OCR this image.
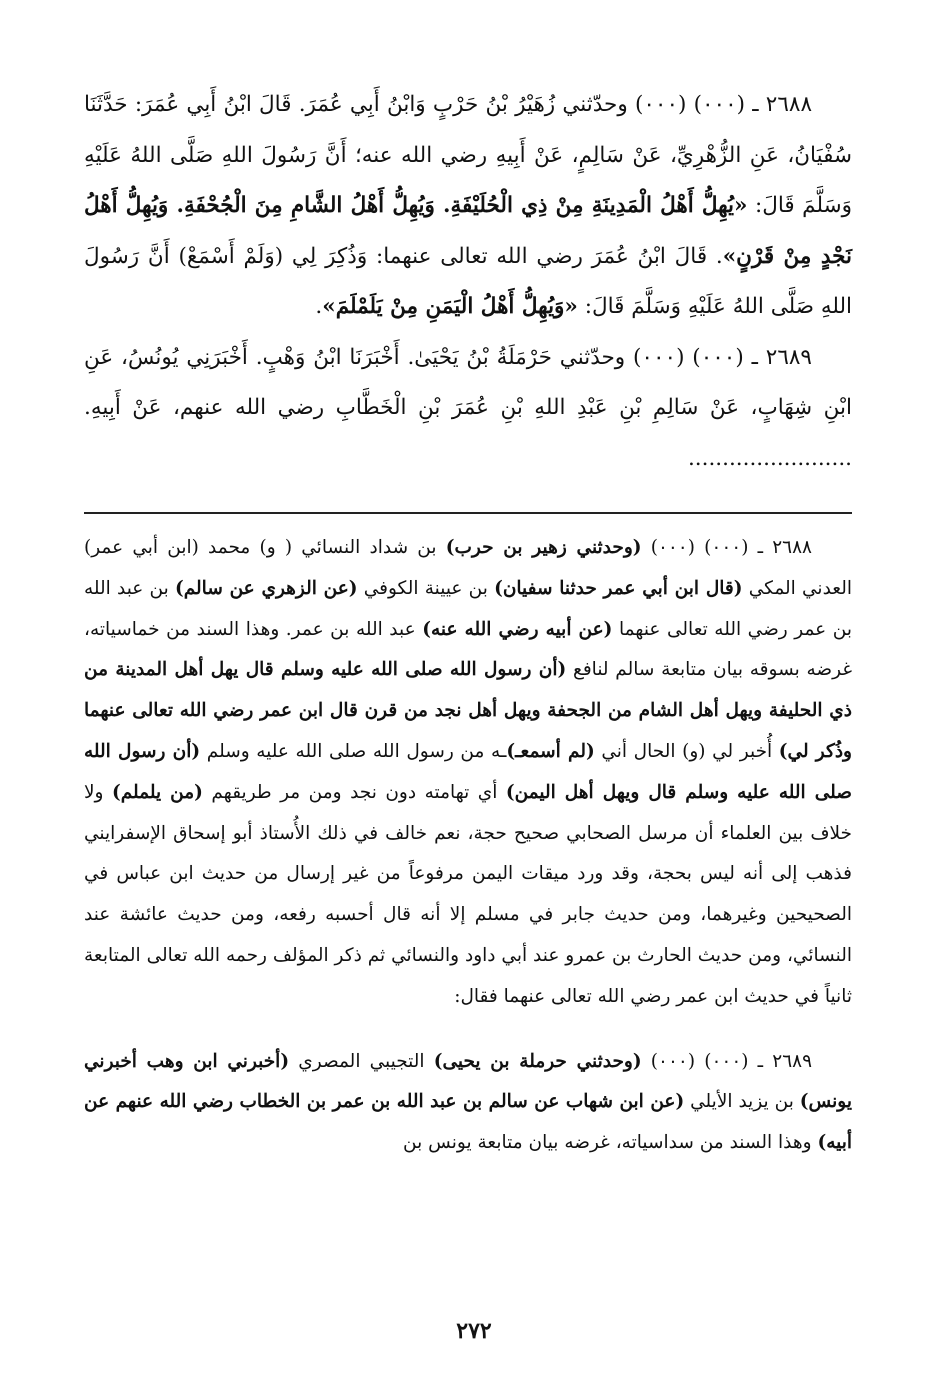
٢٦٨٨ ـ (٠٠٠) (٠٠٠) وحدّثني زُهَيْرُ بْنُ حَرْبٍ وَابْنُ أَبِي عُمَرَ. قَالَ ابْنُ أَبِي عُمَرَ: حَدَّثَنَا سُفْيَانُ، عَنِ الزُّهْرِيِّ، عَنْ سَالِمٍ، عَنْ أَبِيهِ رضي الله عنه؛ أَنَّ رَسُولَ اللهِ صَلَّى اللهُ عَلَيْهِ وَسَلَّمَ قَالَ: «يُهِلُّ أَهْلُ الْمَدِينَةِ مِنْ ذِي الْحُلَيْفَةِ. وَيُهِلُّ أَهْلُ الشَّامِ مِنَ الْجُحْفَةِ. وَيُهِلُّ أَهْلُ نَجْدٍ مِنْ قَرْنٍ». قَالَ ابْنُ عُمَرَ رضي الله تعالى عنهما: وَذُكِرَ لِي (وَلَمْ أَسْمَعْ) أَنَّ رَسُولَ اللهِ صَلَّى اللهُ عَلَيْهِ وَسَلَّمَ قَالَ: «وَيُهِلُّ أَهْلُ الْيَمَنِ مِنْ يَلَمْلَمَ».

٢٦٨٩ ـ (٠٠٠) (٠٠٠) وحدّثني حَرْمَلَةُ بْنُ يَحْيَىٰ. أَخْبَرَنَا ابْنُ وَهْبٍ. أَخْبَرَنِي يُونُسُ، عَنِ ابْنِ شِهَابٍ، عَنْ سَالِمِ بْنِ عَبْدِ اللهِ بْنِ عُمَرَ بْنِ الْخَطَّابِ رضي الله عنهم، عَنْ أَبِيهِ. ........................

٢٦٨٨ ـ (٠٠٠) (٠٠٠) (وحدثني زهير بن حرب) بن شداد النسائي ( و) محمد (ابن أبي عمر) العدني المكي (قال ابن أبي عمر حدثنا سفيان) بن عيينة الكوفي (عن الزهري عن سالم) بن عبد الله بن عمر رضي الله تعالى عنهما (عن أبيه رضي الله عنه) عبد الله بن عمر. وهذا السند من خماسياته، غرضه بسوقه بيان متابعة سالم لنافع (أن رسول الله صلى الله عليه وسلم قال يهل أهل المدينة من ذي الحليفة ويهل أهل الشام من الجحفة ويهل أهل نجد من قرن قال ابن عمر رضي الله تعالى عنهما وذُكر لي) أُخبر لي (و) الحال أني (لم أسمعـ)ـه من رسول الله صلى الله عليه وسلم (أن رسول الله صلى الله عليه وسلم قال ويهل أهل اليمن) أي تهامته دون نجد ومن مر طريقهم (من يلملم) ولا خلاف بين العلماء أن مرسل الصحابي صحيح حجة، نعم خالف في ذلك الأُستاذ أبو إسحاق الإسفرايني فذهب إلى أنه ليس بحجة، وقد ورد ميقات اليمن مرفوعاً من غير إرسال من حديث ابن عباس في الصحيحين وغيرهما، ومن حديث جابر في مسلم إلا أنه قال أحسبه رفعه، ومن حديث عائشة عند النسائي، ومن حديث الحارث بن عمرو عند أبي داود والنسائي ثم ذكر المؤلف رحمه الله تعالى المتابعة ثانياً في حديث ابن عمر رضي الله تعالى عنهما فقال:

٢٦٨٩ ـ (٠٠٠) (٠٠٠) (وحدثني حرملة بن يحيى) التجيبي المصري (أخبرني ابن وهب أخبرني يونس) بن يزيد الأيلي (عن ابن شهاب عن سالم بن عبد الله بن عمر بن الخطاب رضي الله عنهم عن أبيه) وهذا السند من سداسياته، غرضه بيان متابعة يونس بن

٢٧٢
